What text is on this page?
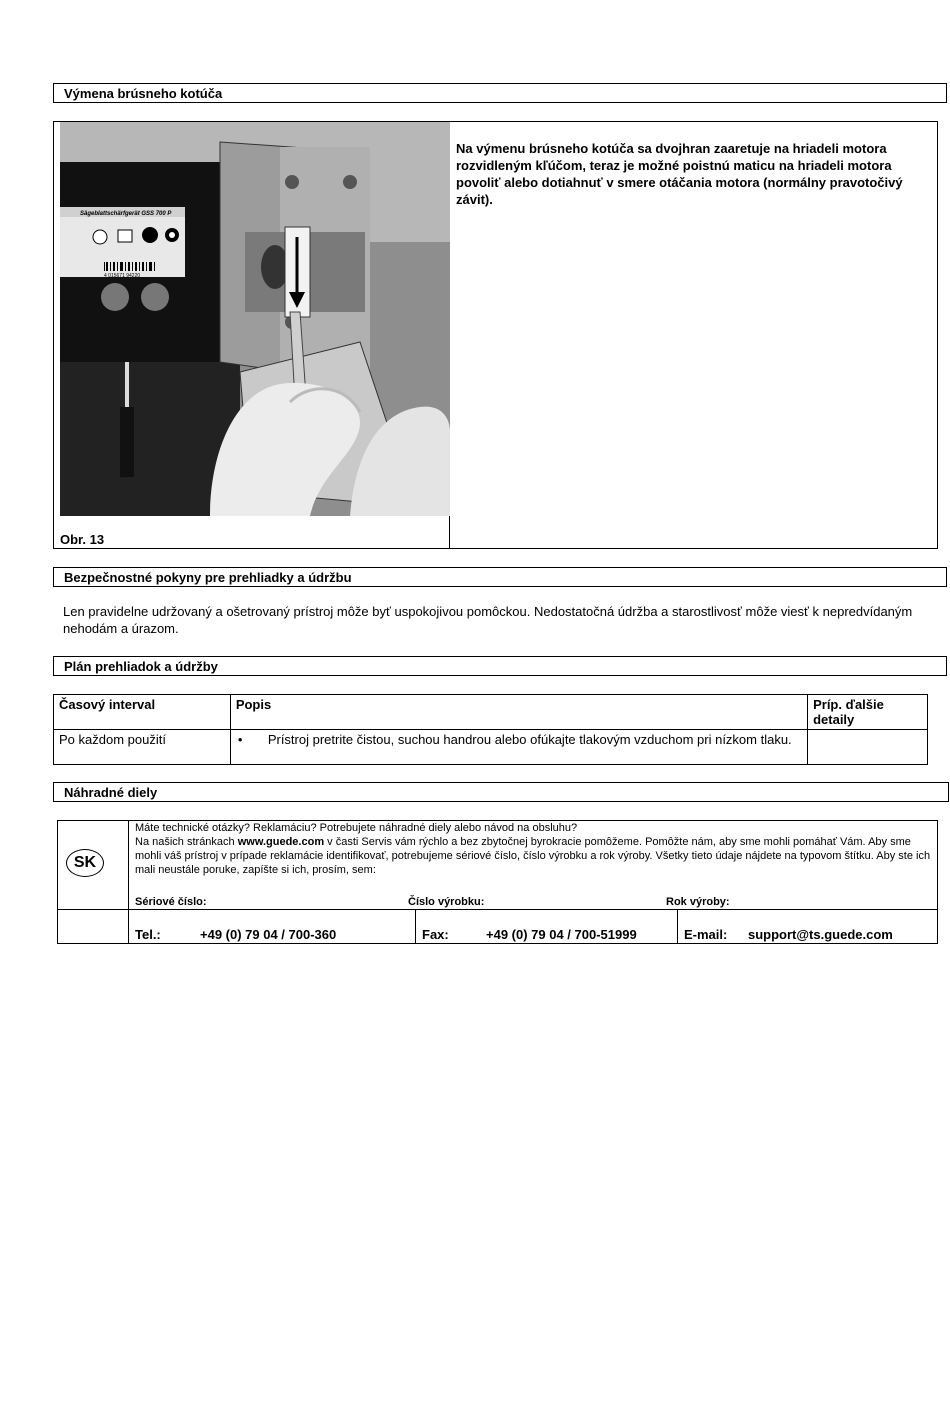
Výmena brúsneho kotúča
Sägeblattschärfgerät GSS 700 P
4 015671 94220
Obr. 13
Na výmenu brúsneho kotúča sa dvojhran zaaretuje na hriadeli motora rozvidleným kľúčom, teraz je možné poistnú maticu na hriadeli motora povoliť alebo dotiahnuť v smere otáčania motora (normálny pravotočivý závit).
Bezpečnostné pokyny pre prehliadky a údržbu
Len pravidelne udržovaný a ošetrovaný prístroj môže byť uspokojivou pomôckou. Nedostatočná údržba a starostlivosť môže viesť k nepredvídaným nehodám a úrazom.
Plán prehliadok a údržby
Časový interval	Popis	Príp. ďalšie detaily
Po každom použití	• Prístroj pretrite čistou, suchou handrou alebo ofúkajte tlakovým vzduchom pri nízkom tlaku.	

Náhradné diely
SK
Máte technické otázky? Reklamáciu? Potrebujete náhradné diely alebo návod na obsluhu?
Na našich stránkach www.guede.com v časti Servis vám rýchlo a bez zbytočnej byrokracie pomôžeme. Pomôžte nám, aby sme mohli pomáhať Vám. Aby sme mohli váš prístroj v prípade reklamácie identifikovať, potrebujeme sériové číslo, číslo výrobku a rok výroby. Všetky tieto údaje nájdete na typovom štítku. Aby ste ich mali neustále poruke, zapíšte si ich, prosím, sem:
Sériové číslo:	Číslo výrobku:	Rok výroby:
Tel.:	+49 (0) 79 04 / 700-360	Fax:	+49 (0) 79 04 / 700-51999	E-mail: support@ts.guede.com
